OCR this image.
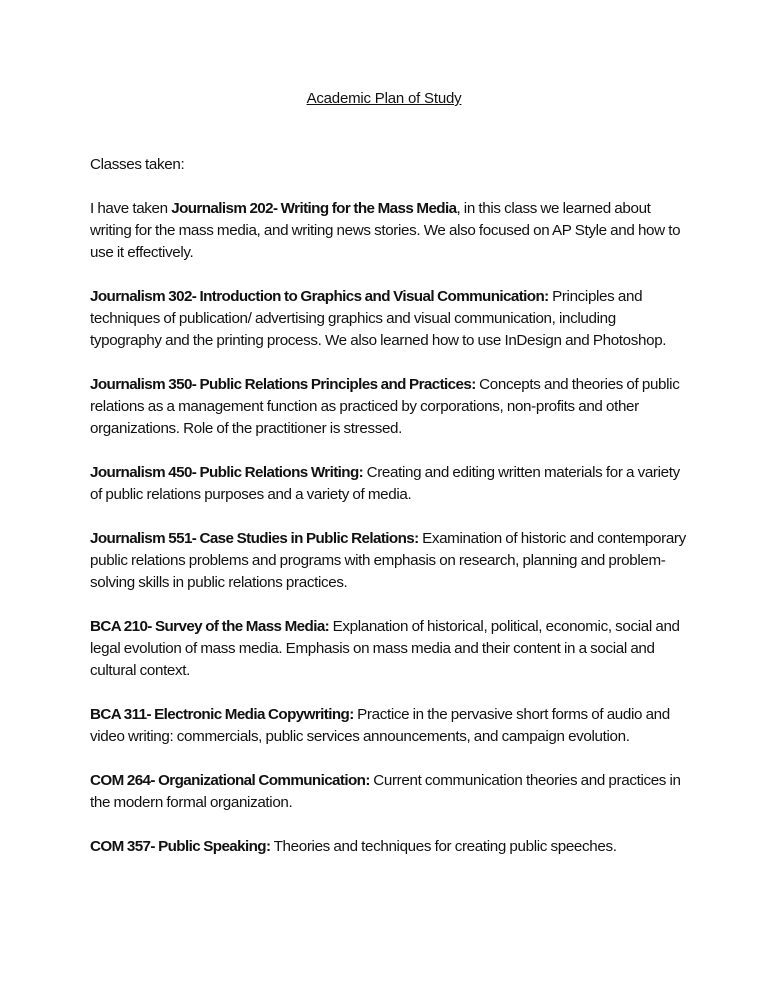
Academic Plan of Study

Classes taken:

I have taken Journalism 202- Writing for the Mass Media, in this class we learned about writing for the mass media, and writing news stories. We also focused on AP Style and how to use it effectively.

Journalism 302- Introduction to Graphics and Visual Communication: Principles and techniques of publication/ advertising graphics and visual communication, including typography and the printing process. We also learned how to use InDesign and Photoshop.

Journalism 350- Public Relations Principles and Practices: Concepts and theories of public relations as a management function as practiced by corporations, non-profits and other organizations. Role of the practitioner is stressed.

Journalism 450- Public Relations Writing: Creating and editing written materials for a variety of public relations purposes and a variety of media.

Journalism 551- Case Studies in Public Relations: Examination of historic and contemporary public relations problems and programs with emphasis on research, planning and problem- solving skills in public relations practices.

BCA 210- Survey of the Mass Media: Explanation of historical, political, economic, social and legal evolution of mass media. Emphasis on mass media and their content in a social and cultural context.

BCA 311- Electronic Media Copywriting: Practice in the pervasive short forms of audio and video writing: commercials, public services announcements, and campaign evolution.

COM 264- Organizational Communication: Current communication theories and practices in the modern formal organization.

COM 357- Public Speaking: Theories and techniques for creating public speeches.
